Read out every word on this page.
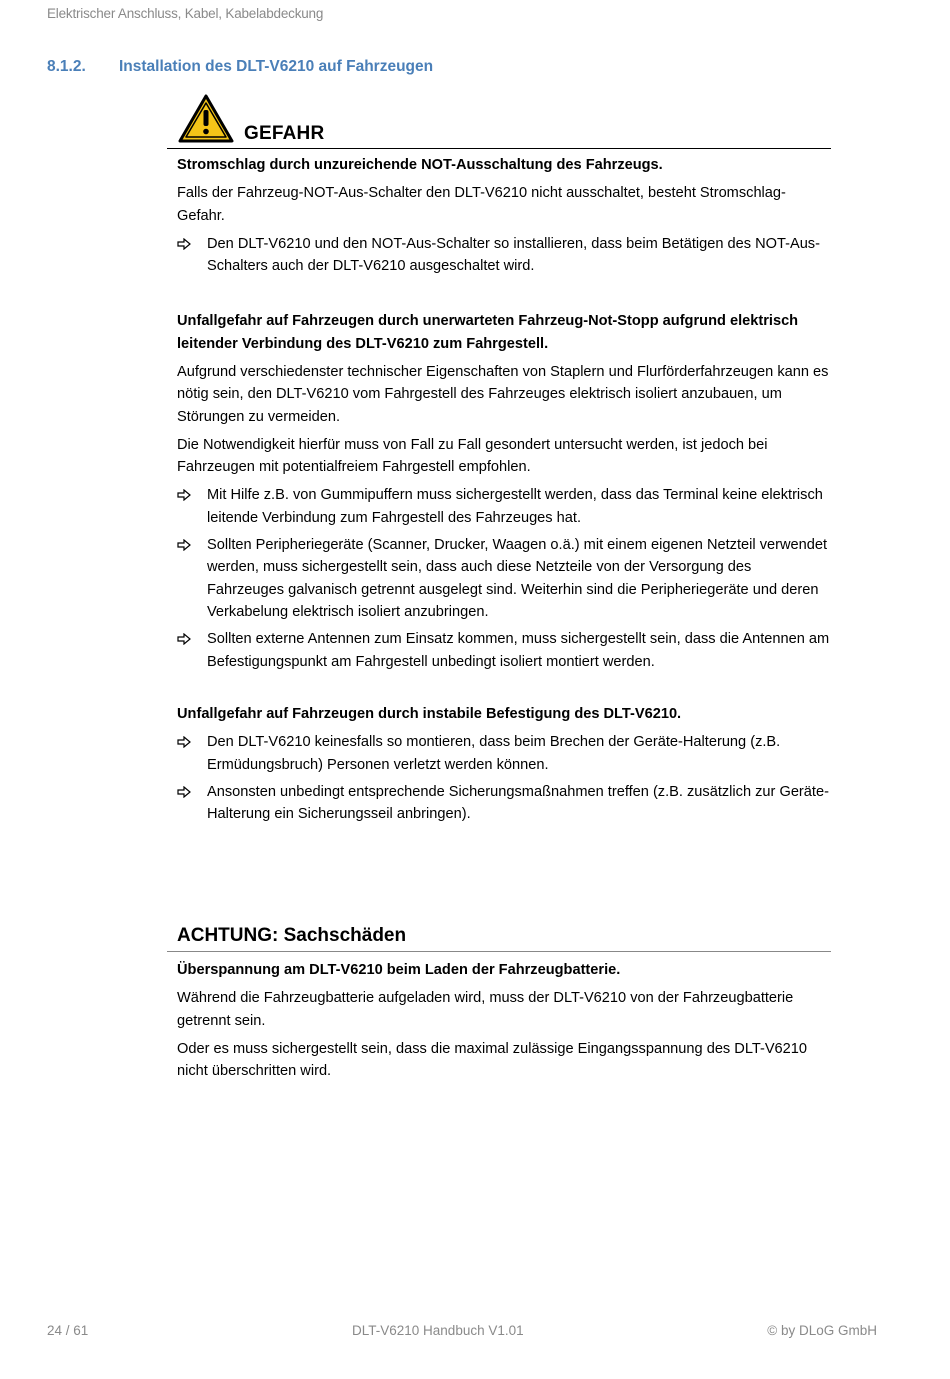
Elektrischer Anschluss, Kabel, Kabelabdeckung
8.1.2. Installation des DLT-V6210 auf Fahrzeugen
GEFAHR

Stromschlag durch unzureichende NOT-Ausschaltung des Fahrzeugs.

Falls der Fahrzeug-NOT-Aus-Schalter den DLT-V6210 nicht ausschaltet, besteht Stromschlag-Gefahr.

Den DLT-V6210 und den NOT-Aus-Schalter so installieren, dass beim Betätigen des NOT-Aus-Schalters auch der DLT-V6210 ausgeschaltet wird.

Unfallgefahr auf Fahrzeugen durch unerwarteten Fahrzeug-Not-Stopp aufgrund elektrisch leitender Verbindung des DLT-V6210 zum Fahrgestell.

Aufgrund verschiedenster technischer Eigenschaften von Staplern und Flurförderfahrzeugen kann es nötig sein, den DLT-V6210 vom Fahrgestell des Fahrzeuges elektrisch isoliert anzubauen, um Störungen zu vermeiden.

Die Notwendigkeit hierfür muss von Fall zu Fall gesondert untersucht werden, ist jedoch bei Fahrzeugen mit potentialfreiem Fahrgestell empfohlen.

Mit Hilfe z.B. von Gummipuffern muss sichergestellt werden, dass das Terminal keine elektrisch leitende Verbindung zum Fahrgestell des Fahrzeuges hat.
Sollten Peripheriegeräte (Scanner, Drucker, Waagen o.ä.) mit einem eigenen Netzteil verwendet werden, muss sichergestellt sein, dass auch diese Netzteile von der Versorgung des Fahrzeuges galvanisch getrennt ausgelegt sind. Weiterhin sind die Peripheriegeräte und deren Verkabelung elektrisch isoliert anzubringen.
Sollten externe Antennen zum Einsatz kommen, muss sichergestellt sein, dass die Antennen am Befestigungspunkt am Fahrgestell unbedingt isoliert montiert werden.

Unfallgefahr auf Fahrzeugen durch instabile Befestigung des DLT-V6210.

Den DLT-V6210 keinesfalls so montieren, dass beim Brechen der Geräte-Halterung (z.B. Ermüdungsbruch) Personen verletzt werden können.
Ansonsten unbedingt entsprechende Sicherungsmaßnahmen treffen (z.B. zusätzlich zur Geräte-Halterung ein Sicherungsseil anbringen).
ACHTUNG: Sachschäden

Überspannung am DLT-V6210 beim Laden der Fahrzeugbatterie.

Während die Fahrzeugbatterie aufgeladen wird, muss der DLT-V6210 von der Fahrzeugbatterie getrennt sein.

Oder es muss sichergestellt sein, dass die maximal zulässige Eingangsspannung des DLT-V6210 nicht überschritten wird.

24 / 61	DLT-V6210 Handbuch V1.01	© by DLoG GmbH
